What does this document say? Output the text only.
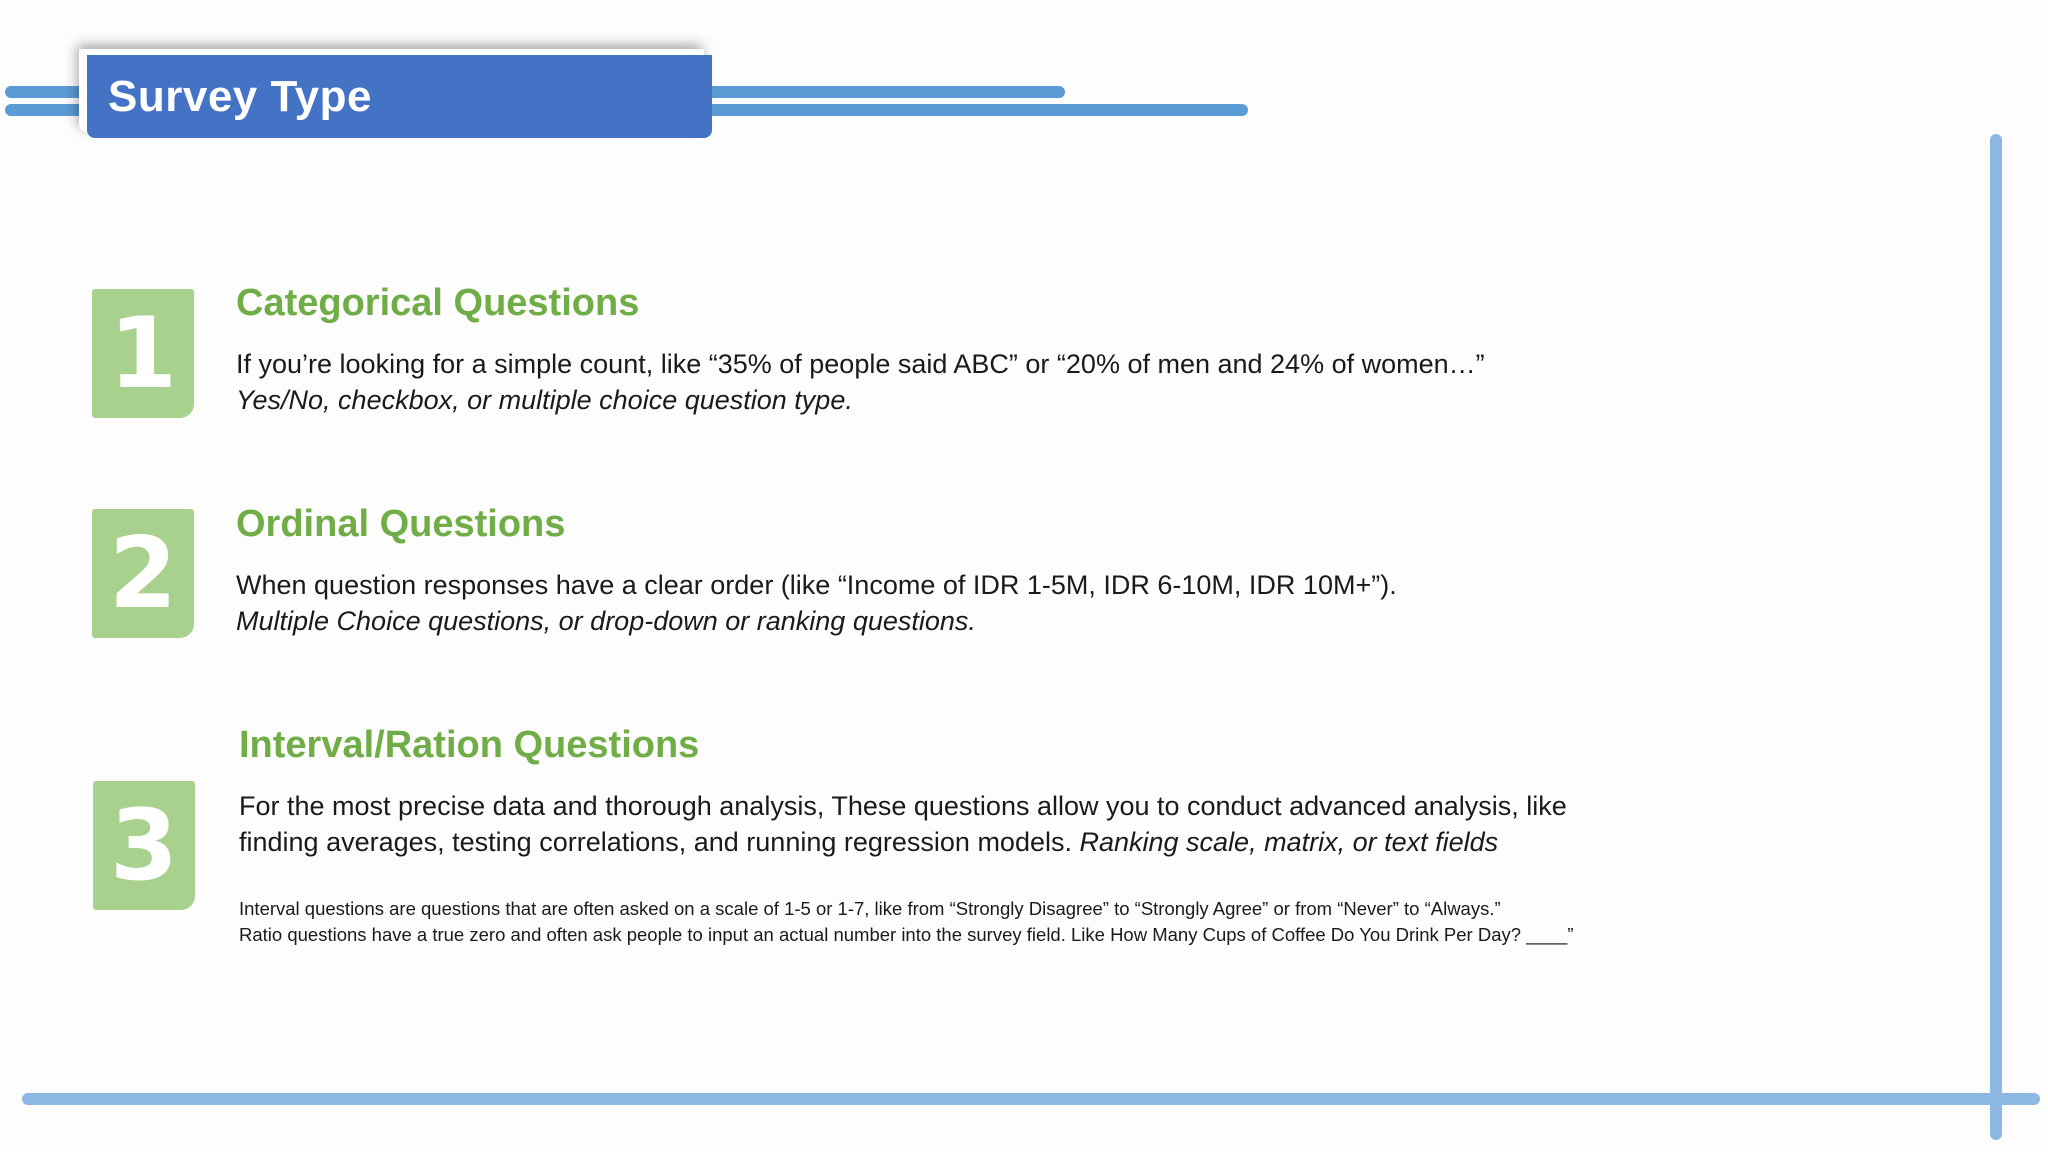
Survey Type
1	Categorical Questions
If you’re looking for a simple count, like “35% of people said ABC” or “20% of men and 24% of women…”
Yes/No, checkbox, or multiple choice question type.
2	Ordinal Questions
When question responses have a clear order (like “Income of IDR 1-5M, IDR 6-10M, IDR 10M+”).
Multiple Choice questions, or drop-down or ranking questions.
3
Interval/Ration Questions
For the most precise data and thorough analysis, These questions allow you to conduct advanced analysis, like
finding averages, testing correlations, and running regression models. Ranking scale, matrix, or text fields
Interval questions are questions that are often asked on a scale of 1-5 or 1-7, like from “Strongly Disagree” to “Strongly Agree” or from “Never” to “Always.”
Ratio questions have a true zero and often ask people to input an actual number into the survey field. Like How Many Cups of Coffee Do You Drink Per Day? ____”
